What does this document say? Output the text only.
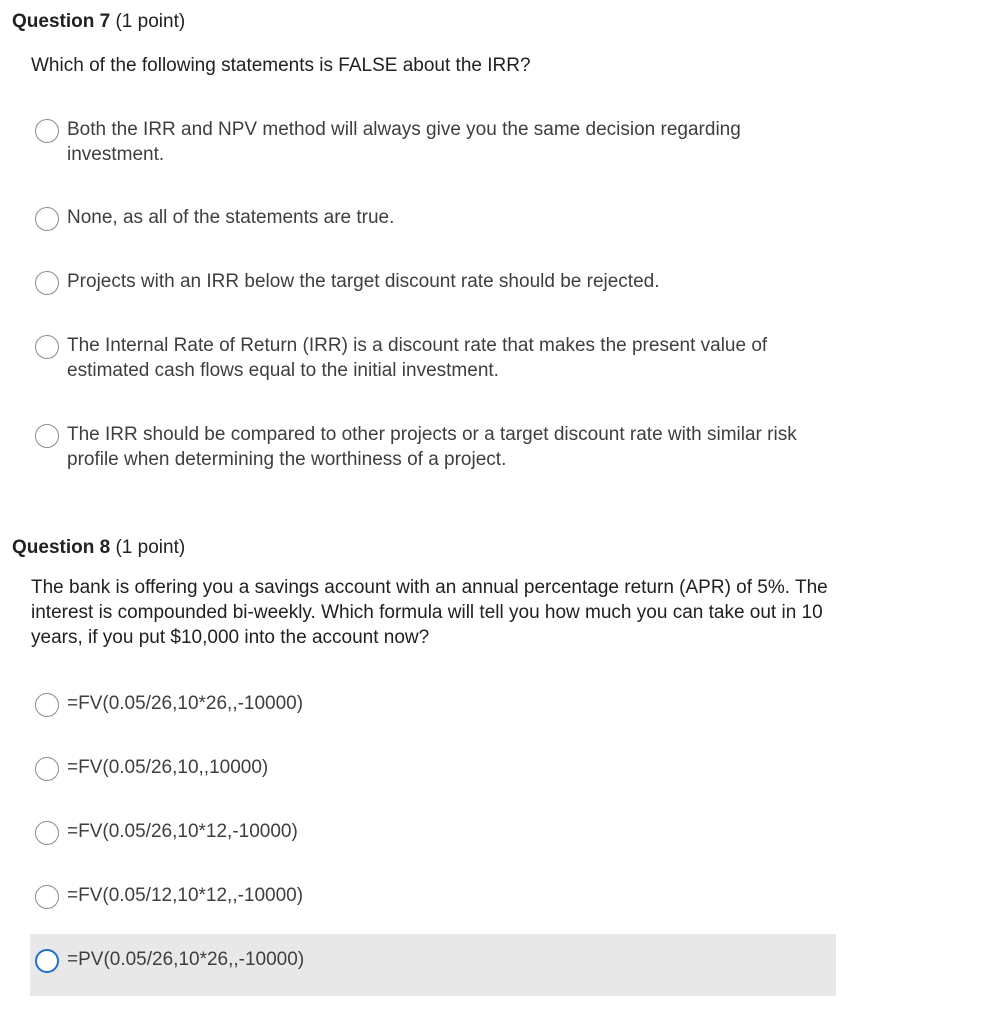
Question 7 (1 point)
Which of the following statements is FALSE about the IRR?
Both the IRR and NPV method will always give you the same decision regarding investment.
None, as all of the statements are true.
Projects with an IRR below the target discount rate should be rejected.
The Internal Rate of Return (IRR) is a discount rate that makes the present value of estimated cash flows equal to the initial investment.
The IRR should be compared to other projects or a target discount rate with similar risk profile when determining the worthiness of a project.
Question 8 (1 point)
The bank is offering you a savings account with an annual percentage return (APR) of 5%. The interest is compounded bi-weekly. Which formula will tell you how much you can take out in 10 years, if you put $10,000 into the account now?
=FV(0.05/26,10*26,,-10000)
=FV(0.05/26,10,,10000)
=FV(0.05/26,10*12,-10000)
=FV(0.05/12,10*12,,-10000)
=PV(0.05/26,10*26,,-10000)
